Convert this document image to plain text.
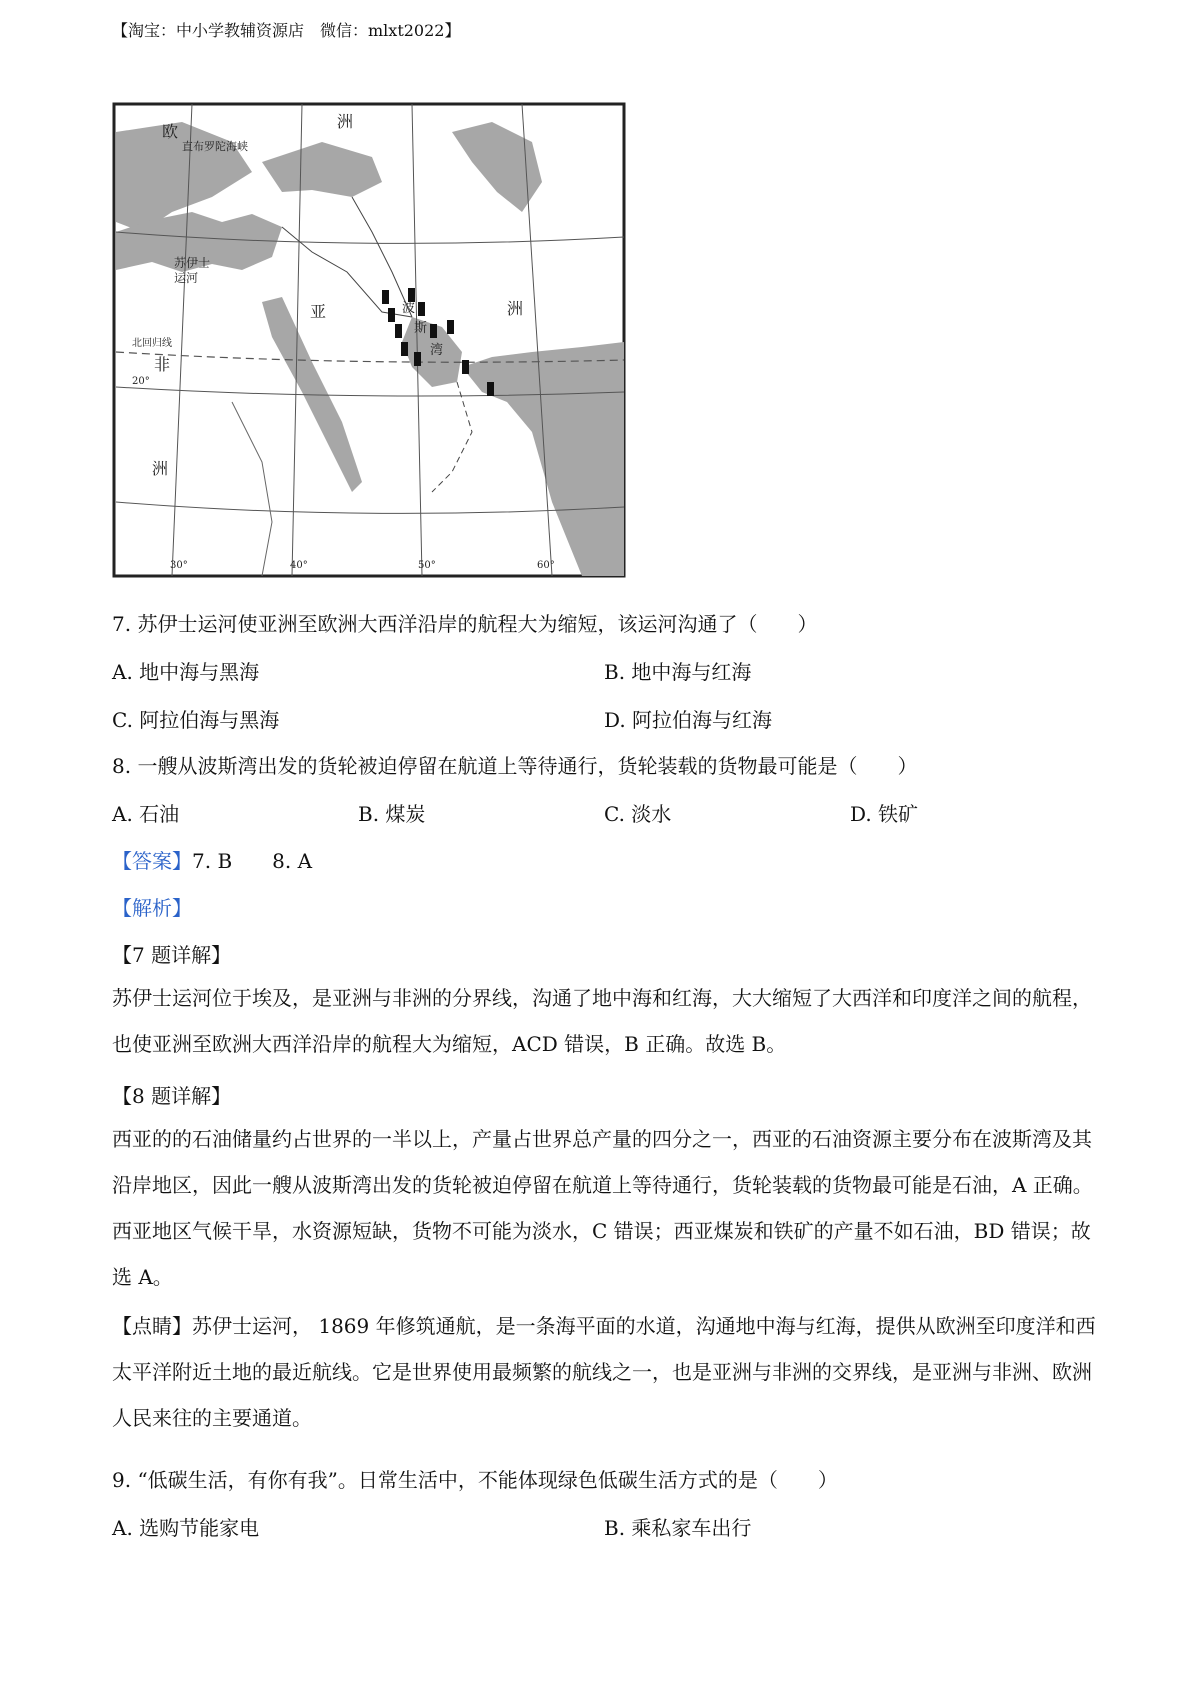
【淘宝：中小学教辅资源店　微信：mlxt2022】
欧
洲
直布罗陀海峡
亚	洲
非
洲
苏伊士
运河
波
斯
湾
北回归线
20°
30°	40°	50°	60°
7. 苏伊士运河使亚洲至欧洲大西洋沿岸的航程大为缩短，该运河沟通了（　　）
A. 地中海与黑海	B. 地中海与红海
C. 阿拉伯海与黑海	D. 阿拉伯海与红海
8. 一艘从波斯湾出发的货轮被迫停留在航道上等待通行，货轮装载的货物最可能是（　　）
A. 石油	B. 煤炭	C. 淡水	D. 铁矿
【答案】7. B　　8. A
【解析】
【7 题详解】
苏伊士运河位于埃及，是亚洲与非洲的分界线，沟通了地中海和红海，大大缩短了大西洋和印度洋之间的航程，也使亚洲至欧洲大西洋沿岸的航程大为缩短，ACD 错误，B 正确。故选 B。
【8 题详解】
西亚的的石油储量约占世界的一半以上，产量占世界总产量的四分之一，西亚的石油资源主要分布在波斯湾及其沿岸地区，因此一艘从波斯湾出发的货轮被迫停留在航道上等待通行，货轮装载的货物最可能是石油，A 正确。西亚地区气候干旱，水资源短缺，货物不可能为淡水，C 错误；西亚煤炭和铁矿的产量不如石油，BD 错误；故选 A。
【点睛】苏伊士运河， 1869 年修筑通航，是一条海平面的水道，沟通地中海与红海，提供从欧洲至印度洋和西太平洋附近土地的最近航线。它是世界使用最频繁的航线之一，也是亚洲与非洲的交界线，是亚洲与非洲、欧洲人民来往的主要通道。
9. “低碳生活，有你有我”。日常生活中，不能体现绿色低碳生活方式的是（　　）
A. 选购节能家电	B. 乘私家车出行
